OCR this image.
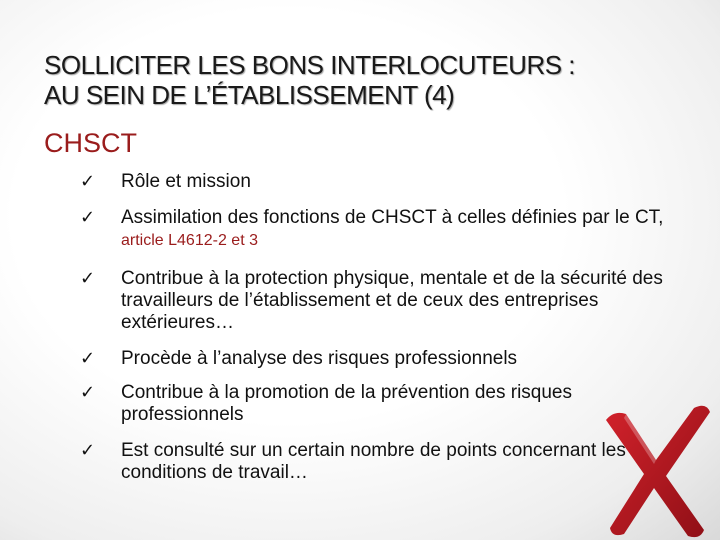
SOLLICITER LES BONS INTERLOCUTEURS :
AU SEIN DE L’ÉTABLISSEMENT (4)
CHSCT
✓ Rôle et mission
✓ Assimilation des fonctions de CHSCT à celles définies par le CT, article L4612-2 et 3
✓ Contribue à la protection physique, mentale et de la sécurité des travailleurs de l’établissement et de ceux des entreprises extérieures…
✓ Procède à l’analyse des risques professionnels
✓ Contribue à la promotion de la prévention des risques professionnels
✓ Est consulté sur un certain nombre de points concernant les conditions de travail…
